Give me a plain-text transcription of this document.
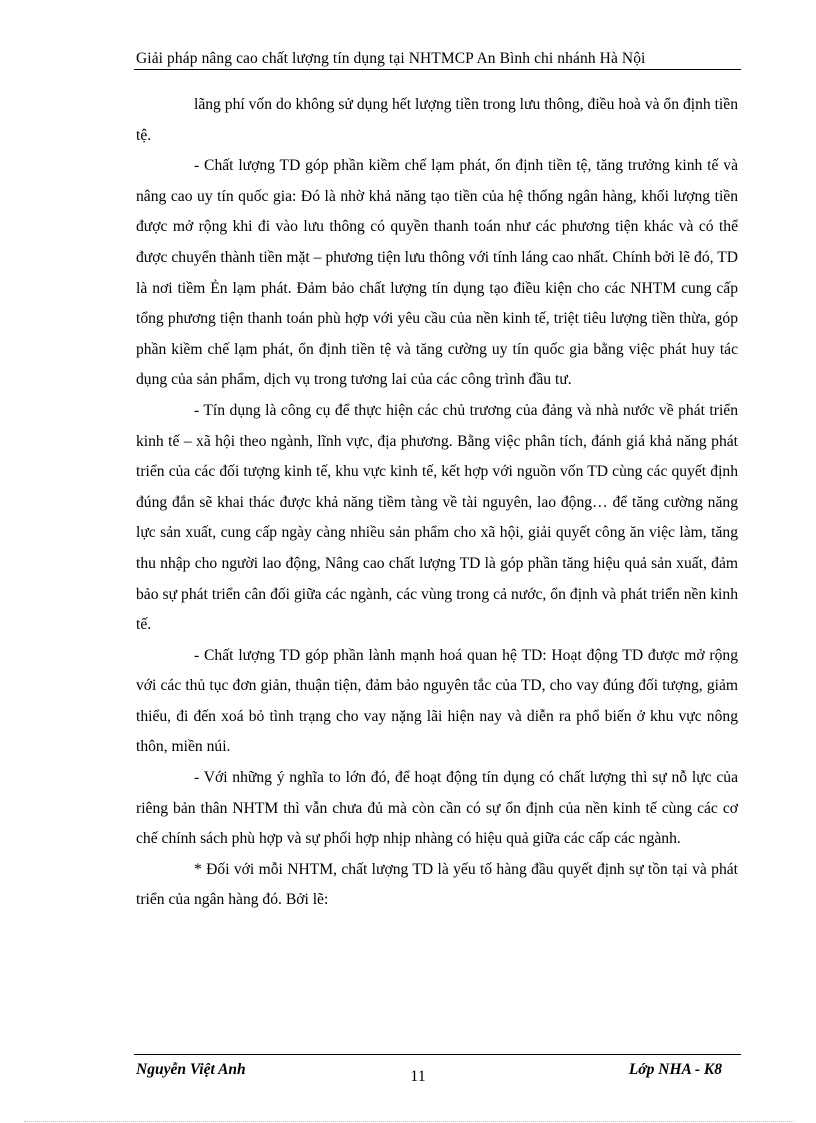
Giải pháp nâng cao chất lượng tín dụng tại NHTMCP An Bình chi nhánh Hà Nội

lãng phí vốn do không sử dụng hết lượng tiền trong lưu thông, điều hoà và ổn định tiền tệ.

- Chất lượng TD góp phần kiềm chế lạm phát, ổn định tiền tệ, tăng trưởng kinh tế và nâng cao uy tín quốc gia: Đó là nhờ khả năng tạo tiền của hệ thống ngân hàng, khối lượng tiền được mở rộng khi đi vào lưu thông có quyền thanh toán như các phương tiện khác và có thể được chuyển thành tiền mặt – phương tiện lưu thông với tính láng cao nhất. Chính bởi lẽ đó, TD là nơi tiềm Ẻn lạm phát. Đảm bảo chất lượng tín dụng tạo điều kiện cho các NHTM cung cấp tổng phương tiện thanh toán phù hợp với yêu cầu của nền kinh tế, triệt tiêu lượng tiền thừa, góp phần kiềm chế lạm phát, ổn định tiền tệ và tăng cường uy tín quốc gia bằng việc phát huy tác dụng của sản phẩm, dịch vụ trong tương lai của các công trình đầu tư.

- Tín dụng là công cụ để thực hiện các chủ trương của đảng và nhà nước về phát triển kinh tế – xã hội theo ngành, lĩnh vực, địa phương. Bằng việc phân tích, đánh giá khả năng phát triển của các đối tượng kinh tế, khu vực kinh tế, kết hợp với nguồn vốn TD cùng các quyết định đúng đắn sẽ khai thác được khả năng tiềm tàng về tài nguyên, lao động… để tăng cường năng lực sản xuất, cung cấp ngày càng nhiều sản phẩm cho xã hội, giải quyết công ăn việc làm, tăng thu nhập cho người lao động, Nâng cao chất lượng TD là góp phần tăng hiệu quả sản xuất, đảm bảo sự phát triển cân đối giữa các ngành, các vùng trong cả nước, ổn định và phát triển nền kinh tế.

- Chất lượng TD góp phần lành mạnh hoá quan hệ TD: Hoạt động TD được mở rộng với các thủ tục đơn giản, thuận tiện, đảm bảo nguyên tắc của TD, cho vay đúng đối tượng, giảm thiểu, đi đến xoá bỏ tình trạng cho vay nặng lãi hiện nay và diễn ra phổ biến ở khu vực nông thôn, miền núi.

- Với những ý nghĩa to lớn đó, để hoạt động tín dụng có chất lượng thì sự nỗ lực của riêng bản thân NHTM thì vẫn chưa đủ mà còn cần có sự ổn định của nền kinh tế cùng các cơ chế chính sách phù hợp và sự phối hợp nhịp nhàng có hiệu quả giữa các cấp các ngành.

* Đối với mỗi NHTM, chất lượng TD là yếu tố hàng đầu quyết định sự tồn tại và phát triển của ngân hàng đó. Bởi lẽ:

Nguyễn Việt Anh	11	Lớp NHA - K8
